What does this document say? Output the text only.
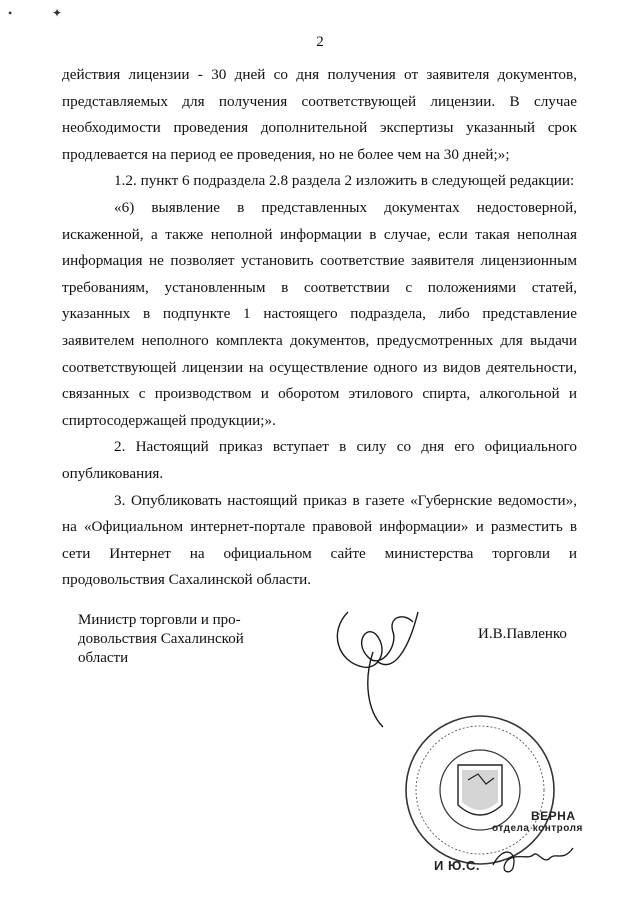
•	✦
2

действия лицензии - 30 дней со дня получения от заявителя документов, представляемых для получения соответствующей лицензии. В случае необходимости проведения дополнительной экспертизы указанный срок продлевается на период ее проведения, но не более чем на 30 дней;»;

1.2. пункт 6 подраздела 2.8 раздела 2 изложить в следующей редакции:

«6) выявление в представленных документах недостоверной, искаженной, а также неполной информации в случае, если такая неполная информация не позволяет установить соответствие заявителя лицензионным требованиям, установленным в соответствии с положениями статей, указанных в подпункте 1 настоящего подраздела, либо представление заявителем неполного комплекта документов, предусмотренных для выдачи соответствующей лицензии на осуществление одного из видов деятельности, связанных с производством и оборотом этилового спирта, алкогольной и спиртосодержащей продукции;».

2. Настоящий приказ вступает в силу со дня его официального опубликования.

3. Опубликовать настоящий приказ в газете «Губернские ведомости», на «Официальном интернет-портале правовой информации» и разместить в сети Интернет на официальном сайте министерства торговли и продовольствия Сахалинской области.

Министр торговли и про-
довольствия Сахалинской
области
И.В.Павленко
ВЕРНА
отдела контроля
И Ю.С.
